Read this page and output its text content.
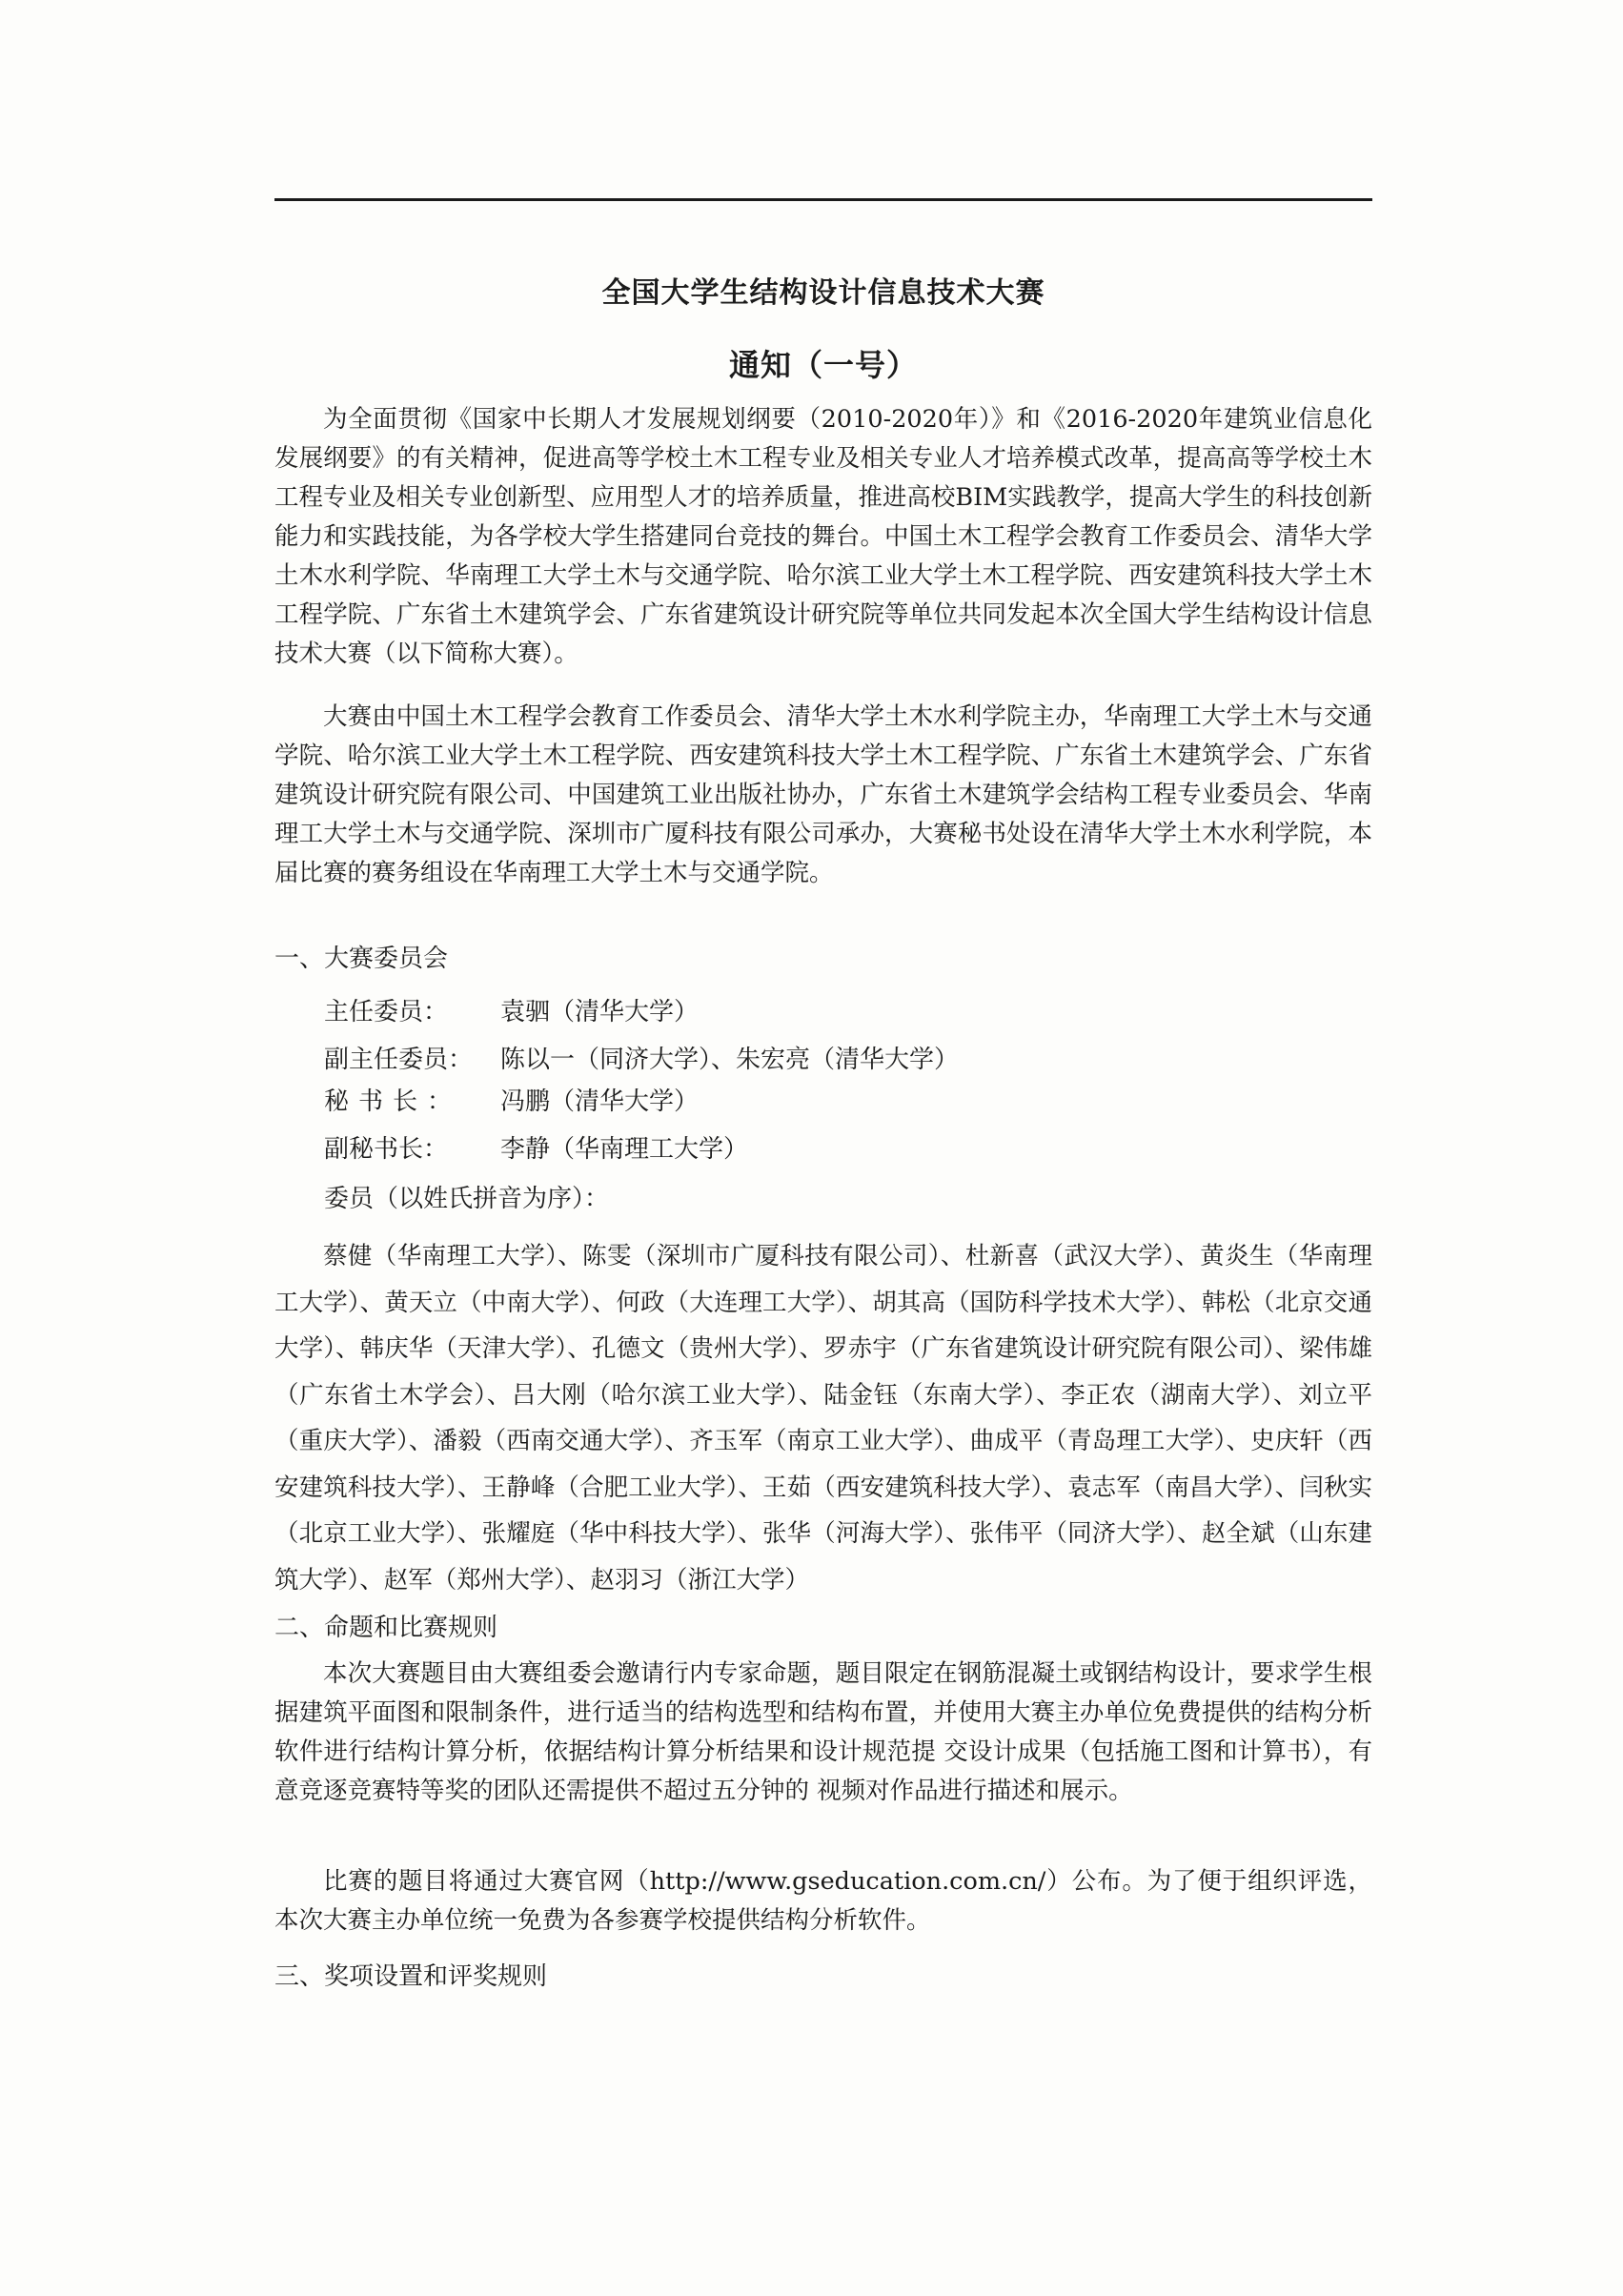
全国大学生结构设计信息技术大赛
通知（一号）
为全面贯彻《国家中长期人才发展规划纲要（2010-2020年）》和《2016-2020年建筑业信息化发展纲要》的有关精神，促进高等学校土木工程专业及相关专业人才培养模式改革，提高高等学校土木工程专业及相关专业创新型、应用型人才的培养质量，推进高校BIM实践教学，提高大学生的科技创新能力和实践技能，为各学校大学生搭建同台竞技的舞台。中国土木工程学会教育工作委员会、清华大学土木水利学院、华南理工大学土木与交通学院、哈尔滨工业大学土木工程学院、西安建筑科技大学土木工程学院、广东省土木建筑学会、广东省建筑设计研究院等单位共同发起本次全国大学生结构设计信息技术大赛（以下简称大赛）。
大赛由中国土木工程学会教育工作委员会、清华大学土木水利学院主办，华南理工大学土木与交通学院、哈尔滨工业大学土木工程学院、西安建筑科技大学土木工程学院、广东省土木建筑学会、广东省建筑设计研究院有限公司、中国建筑工业出版社协办，广东省土木建筑学会结构工程专业委员会、华南理工大学土木与交通学院、深圳市广厦科技有限公司承办，大赛秘书处设在清华大学土木水利学院，本届比赛的赛务组设在华南理工大学土木与交通学院。
一、大赛委员会
主任委员： 袁驷（清华大学）
副主任委员： 陈以一（同济大学）、朱宏亮（清华大学）
秘书长： 冯鹏（清华大学）
副秘书长： 李静（华南理工大学）
委员（以姓氏拼音为序）：
蔡健（华南理工大学）、陈雯（深圳市广厦科技有限公司）、杜新喜（武汉大学）、黄炎生（华南理工大学）、黄天立（中南大学）、何政（大连理工大学）、胡其高（国防科学技术大学）、韩松（北京交通大学）、韩庆华（天津大学）、孔德文（贵州大学）、罗赤宇（广东省建筑设计研究院有限公司）、梁伟雄（广东省土木学会）、吕大刚（哈尔滨工业大学）、陆金钰（东南大学）、李正农（湖南大学）、刘立平（重庆大学）、潘毅（西南交通大学）、齐玉军（南京工业大学）、曲成平（青岛理工大学）、史庆轩（西安建筑科技大学）、王静峰（合肥工业大学）、王茹（西安建筑科技大学）、袁志军（南昌大学）、闫秋实（北京工业大学）、张耀庭（华中科技大学）、张华（河海大学）、张伟平（同济大学）、赵全斌（山东建筑大学）、赵军（郑州大学）、赵羽习（浙江大学）
二、命题和比赛规则
本次大赛题目由大赛组委会邀请行内专家命题，题目限定在钢筋混凝土或钢结构设计，要求学生根据建筑平面图和限制条件，进行适当的结构选型和结构布置，并使用大赛主办单位免费提供的结构分析软件进行结构计算分析，依据结构计算分析结果和设计规范提 交设计成果（包括施工图和计算书），有意竞逐竞赛特等奖的团队还需提供不超过五分钟的 视频对作品进行描述和展示。
比赛的题目将通过大赛官网（http://www.gseducation.com.cn/）公布。为了便于组织评选，本次大赛主办单位统一免费为各参赛学校提供结构分析软件。
三、奖项设置和评奖规则
